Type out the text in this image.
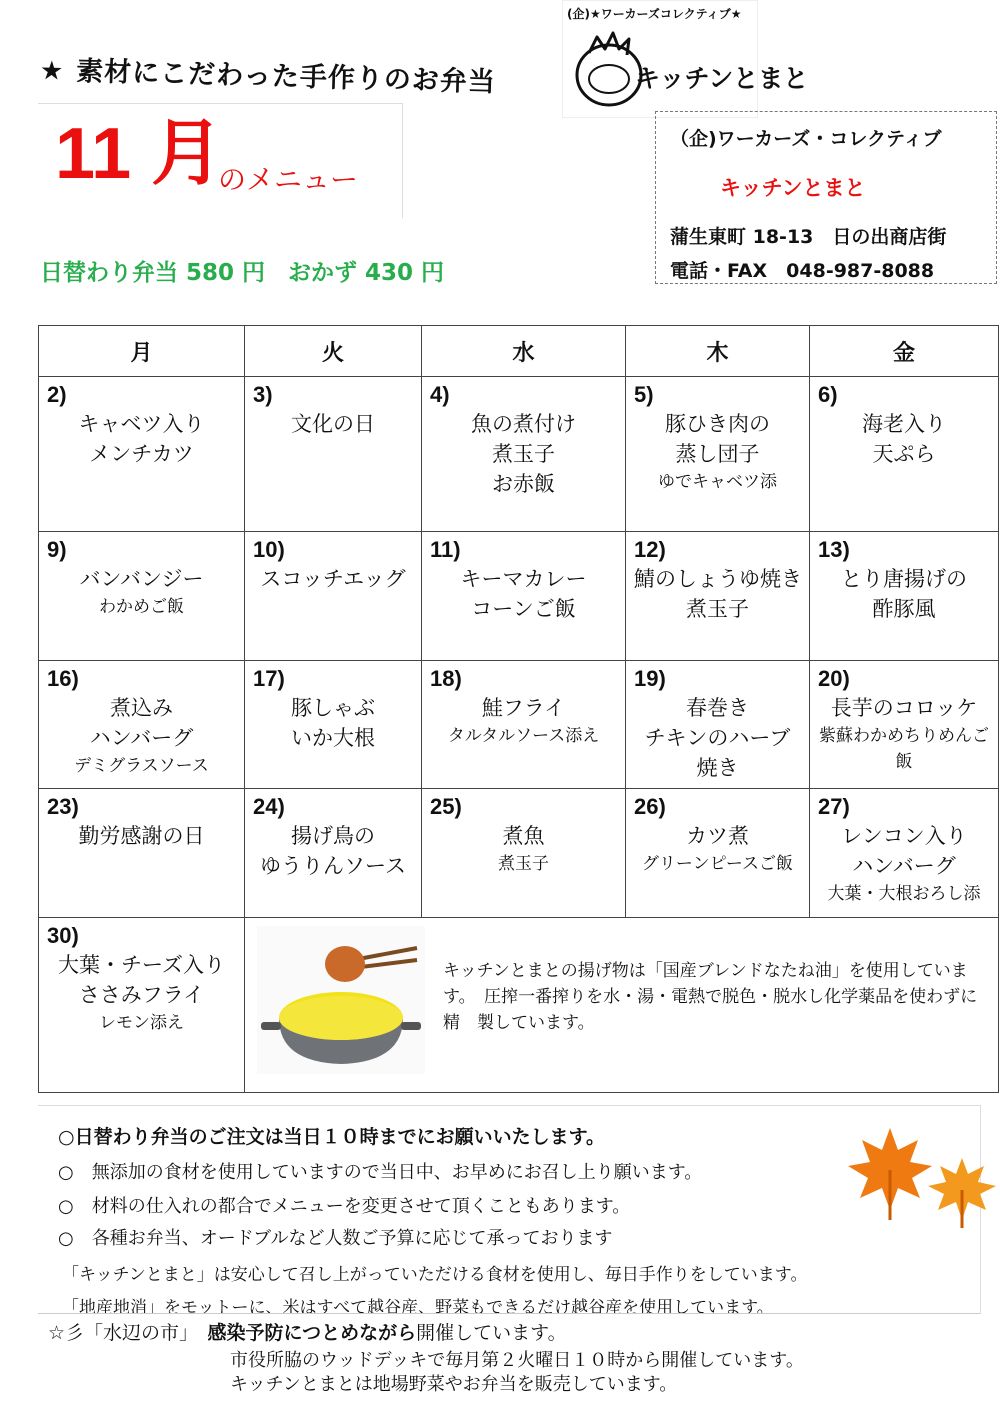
★ 素材にこだわった手作りのお弁当
11 月
のメニュー
日替わり弁当 580 円　おかず 430 円
(企)★ワーカーズコレクティブ★
キッチンとまと
（企)ワーカーズ・コレクティブ
キッチンとまと
蒲生東町 18-13　日の出商店街
電話・FAX　048-987-8088
月	火	水	木	金

2)
キャベツ入り
メンチカツ	3)
文化の日	4)
魚の煮付け
煮玉子
お赤飯	5)
豚ひき肉の
蒸し団子
ゆでキャベツ添	6)
海老入り
天ぷら

9)
バンバンジー
わかめご飯	10)
スコッチエッグ	11)
キーマカレー
コーンご飯	12)
鯖のしょうゆ焼き
煮玉子	13)
とり唐揚げの
酢豚風

16)
煮込み
ハンバーグ
デミグラスソース	17)
豚しゃぶ
いか大根	18)
鮭フライ
タルタルソース添え	19)
春巻き
チキンのハーブ
焼き	20)
長芋のコロッケ
紫蘇わかめちりめんご
飯

23)
勤労感謝の日	24)
揚げ鳥の
ゆうりんソース	25)
煮魚
煮玉子	26)
カツ煮
グリーンピースご飯	27)
レンコン入り
ハンバーグ
大葉・大根おろし添

30)
大葉・チーズ入り
ささみフライ
レモン添え	キッチンとまとの揚げ物は「国産ブレンドなたね油」を使用しています。　圧搾一番搾りを水・湯・電熱で脱色・脱水し化学薬品を使わずに精　製しています。			
○日替わり弁当のご注文は当日１０時までにお願いいたします。
○　無添加の食材を使用していますので当日中、お早めにお召し上り願います。
○　材料の仕入れの都合でメニューを変更させて頂くこともあります。
○　各種お弁当、オードブルなど人数ご予算に応じて承っております
「キッチンとまと」は安心して召し上がっていただける食材を使用し、毎日手作りをしています。
「地産地消」をモットーに、米はすべて越谷産、野菜もできるだけ越谷産を使用しています。
☆彡「水辺の市」　感染予防につとめながら開催しています。
市役所脇のウッドデッキで毎月第２火曜日１０時から開催しています。
キッチンとまとは地場野菜やお弁当を販売しています。
